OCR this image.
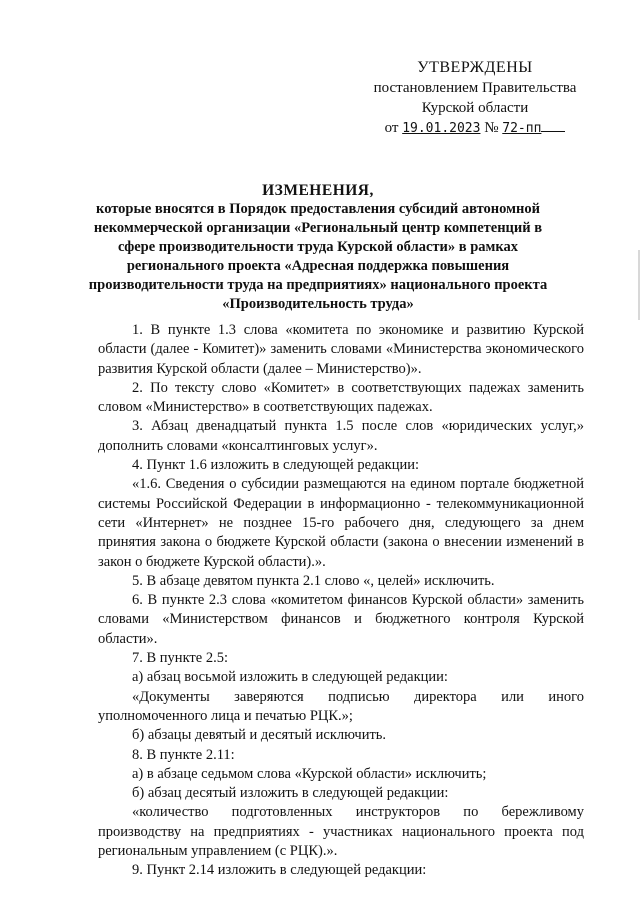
УТВЕРЖДЕНЫ
постановлением Правительства
Курской области
от 19.01.2023 № 72-пп
ИЗМЕНЕНИЯ,
которые вносятся в Порядок предоставления субсидий автономной некоммерческой организации «Региональный центр компетенций в сфере производительности труда Курской области» в рамках регионального проекта «Адресная поддержка повышения производительности труда на предприятиях» национального проекта «Производительность труда»

1. В пункте 1.3 слова «комитета по экономике и развитию Курской области (далее - Комитет)» заменить словами «Министерства экономического развития Курской области (далее – Министерство)».

2. По тексту слово «Комитет» в соответствующих падежах заменить словом «Министерство» в соответствующих падежах.

3. Абзац двенадцатый пункта 1.5 после слов «юридических услуг,» дополнить словами «консалтинговых услуг».

4. Пункт 1.6 изложить в следующей редакции:

«1.6. Сведения о субсидии размещаются на едином портале бюджетной системы Российской Федерации в информационно - телекоммуникационной сети «Интернет» не позднее 15-го рабочего дня, следующего за днем принятия закона о бюджете Курской области (закона о внесении изменений в закон о бюджете Курской области).».

5. В абзаце девятом пункта 2.1 слово «, целей» исключить.

6. В пункте 2.3 слова «комитетом финансов Курской области» заменить словами «Министерством финансов и бюджетного контроля Курской области».

7. В пункте 2.5:

а) абзац восьмой изложить в следующей редакции:

«Документы заверяются подписью директора или иного уполномоченного лица и печатью РЦК.»;

б) абзацы девятый и десятый исключить.

8. В пункте 2.11:

а) в абзаце седьмом слова «Курской области» исключить;

б) абзац десятый изложить в следующей редакции:

«количество подготовленных инструкторов по бережливому производству на предприятиях - участниках национального проекта под региональным управлением (с РЦК).».

9. Пункт 2.14 изложить в следующей редакции:
